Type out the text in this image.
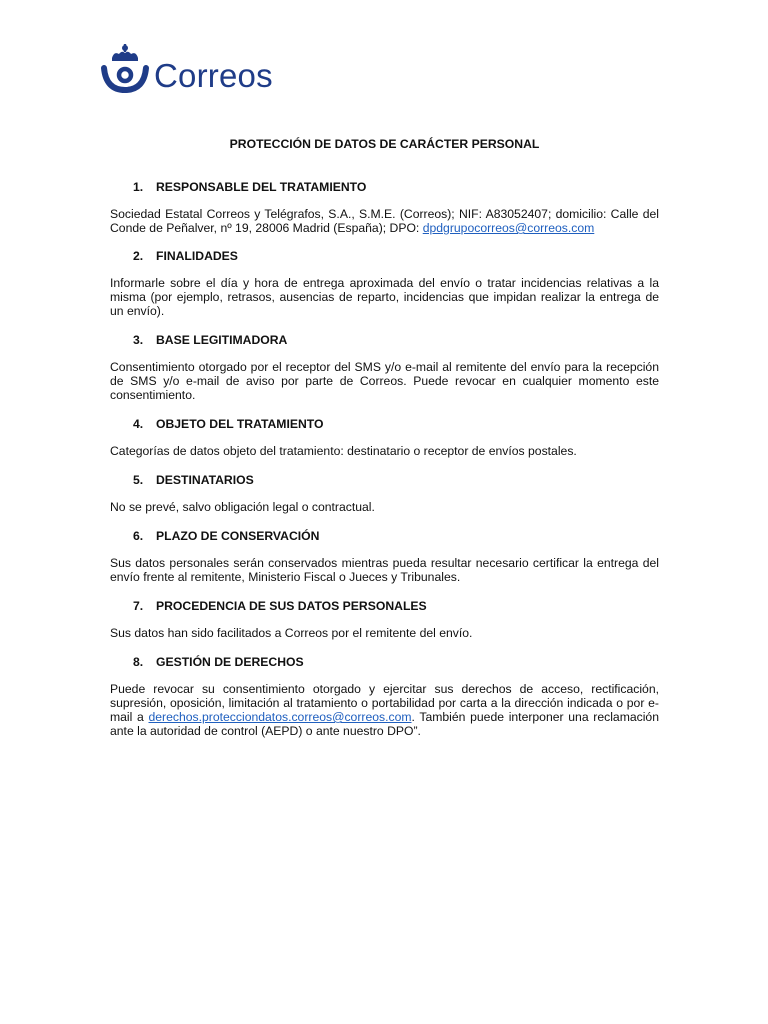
Correos
PROTECCIÓN DE DATOS DE CARÁCTER PERSONAL
1. RESPONSABLE DEL TRATAMIENTO

Sociedad Estatal Correos y Telégrafos, S.A., S.M.E. (Correos); NIF: A83052407; domicilio: Calle del Conde de Peñalver, nº 19, 28006 Madrid (España); DPO: dpdgrupocorreos@correos.com

2. FINALIDADES

Informarle sobre el día y hora de entrega aproximada del envío o tratar incidencias relativas a la misma (por ejemplo, retrasos, ausencias de reparto, incidencias que impidan realizar la entrega de un envío).

3. BASE LEGITIMADORA

Consentimiento otorgado por el receptor del SMS y/o e-mail al remitente del envío para la recepción de SMS y/o e-mail de aviso por parte de Correos. Puede revocar en cualquier momento este consentimiento.

4. OBJETO DEL TRATAMIENTO

Categorías de datos objeto del tratamiento: destinatario o receptor de envíos postales.

5. DESTINATARIOS

No se prevé, salvo obligación legal o contractual.

6. PLAZO DE CONSERVACIÓN

Sus datos personales serán conservados mientras pueda resultar necesario certificar la entrega del envío frente al remitente, Ministerio Fiscal o Jueces y Tribunales.

7. PROCEDENCIA DE SUS DATOS PERSONALES

Sus datos han sido facilitados a Correos por el remitente del envío.

8. GESTIÓN DE DERECHOS

Puede revocar su consentimiento otorgado y ejercitar sus derechos de acceso, rectificación, supresión, oposición, limitación al tratamiento o portabilidad por carta a la dirección indicada o por e-mail a derechos.protecciondatos.correos@correos.com. También puede interponer una reclamación ante la autoridad de control (AEPD) o ante nuestro DPO”.
